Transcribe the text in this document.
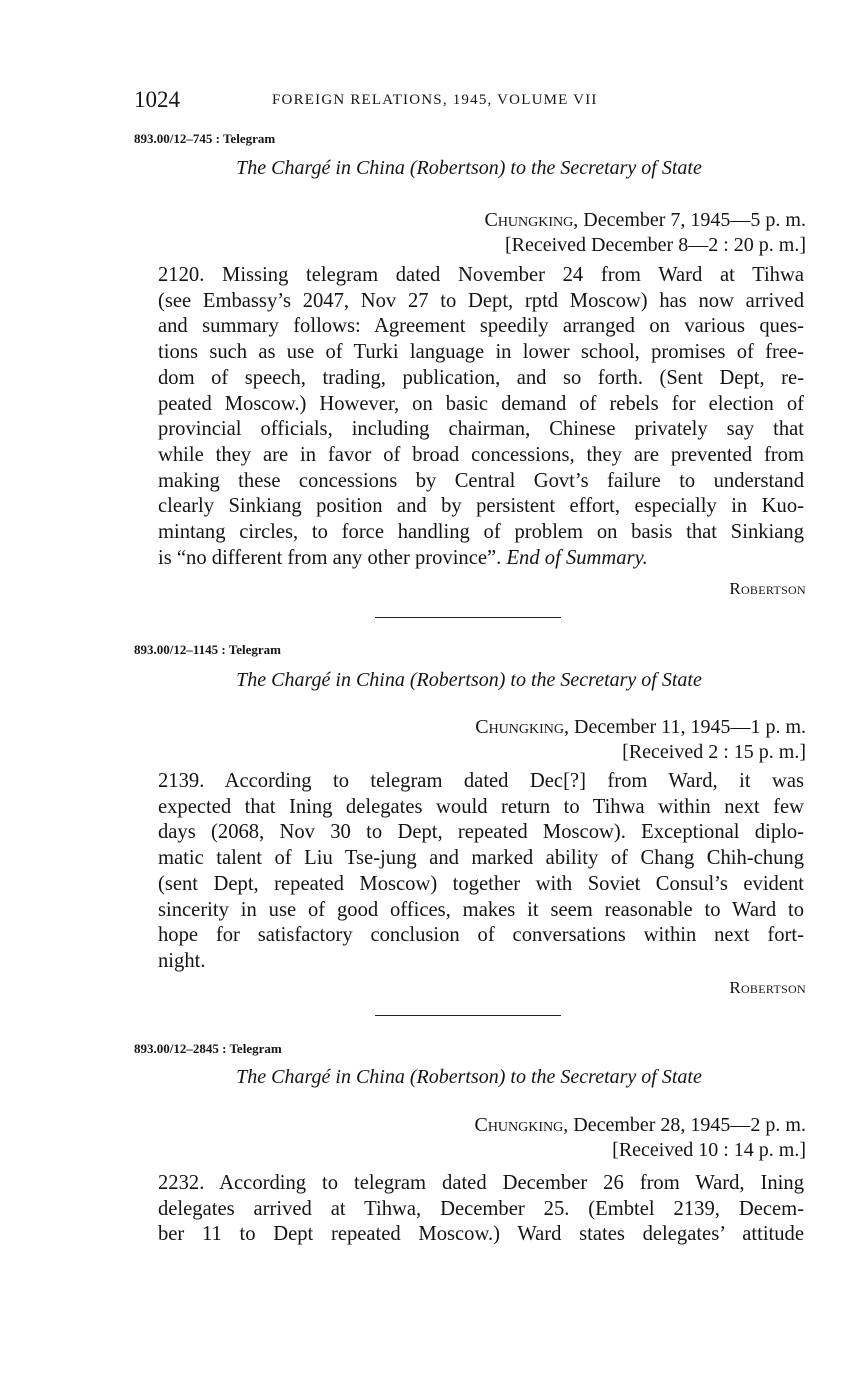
1024	FOREIGN RELATIONS, 1945, VOLUME VII
893.00/12–745 : Telegram
The Chargé in China (Robertson) to the Secretary of State
Chungking, December 7, 1945—5 p. m.
[Received December 8—2 : 20 p. m.]

2120. Missing telegram dated November 24 from Ward at Tihwa
(see Embassy’s 2047, Nov 27 to Dept, rptd Moscow) has now arrived
and summary follows: Agreement speedily arranged on various ques-
tions such as use of Turki language in lower school, promises of free-
dom of speech, trading, publication, and so forth. (Sent Dept, re-
peated Moscow.) However, on basic demand of rebels for election of
provincial officials, including chairman, Chinese privately say that
while they are in favor of broad concessions, they are prevented from
making these concessions by Central Govt’s failure to understand
clearly Sinkiang position and by persistent effort, especially in Kuo-
mintang circles, to force handling of problem on basis that Sinkiang
is “no different from any other province”. End of Summary.

Robertson
893.00/12–1145 : Telegram
The Chargé in China (Robertson) to the Secretary of State
Chungking, December 11, 1945—1 p. m.
[Received 2 : 15 p. m.]

2139. According to telegram dated Dec[?] from Ward, it was
expected that Ining delegates would return to Tihwa within next few
days (2068, Nov 30 to Dept, repeated Moscow). Exceptional diplo-
matic talent of Liu Tse-jung and marked ability of Chang Chih-chung
(sent Dept, repeated Moscow) together with Soviet Consul’s evident
sincerity in use of good offices, makes it seem reasonable to Ward to
hope for satisfactory conclusion of conversations within next fort-
night.

Robertson
893.00/12–2845 : Telegram
The Chargé in China (Robertson) to the Secretary of State
Chungking, December 28, 1945—2 p. m.
[Received 10 : 14 p. m.]

2232. According to telegram dated December 26 from Ward, Ining
delegates arrived at Tihwa, December 25. (Embtel 2139, Decem-
ber 11 to Dept repeated Moscow.) Ward states delegates’ attitude
